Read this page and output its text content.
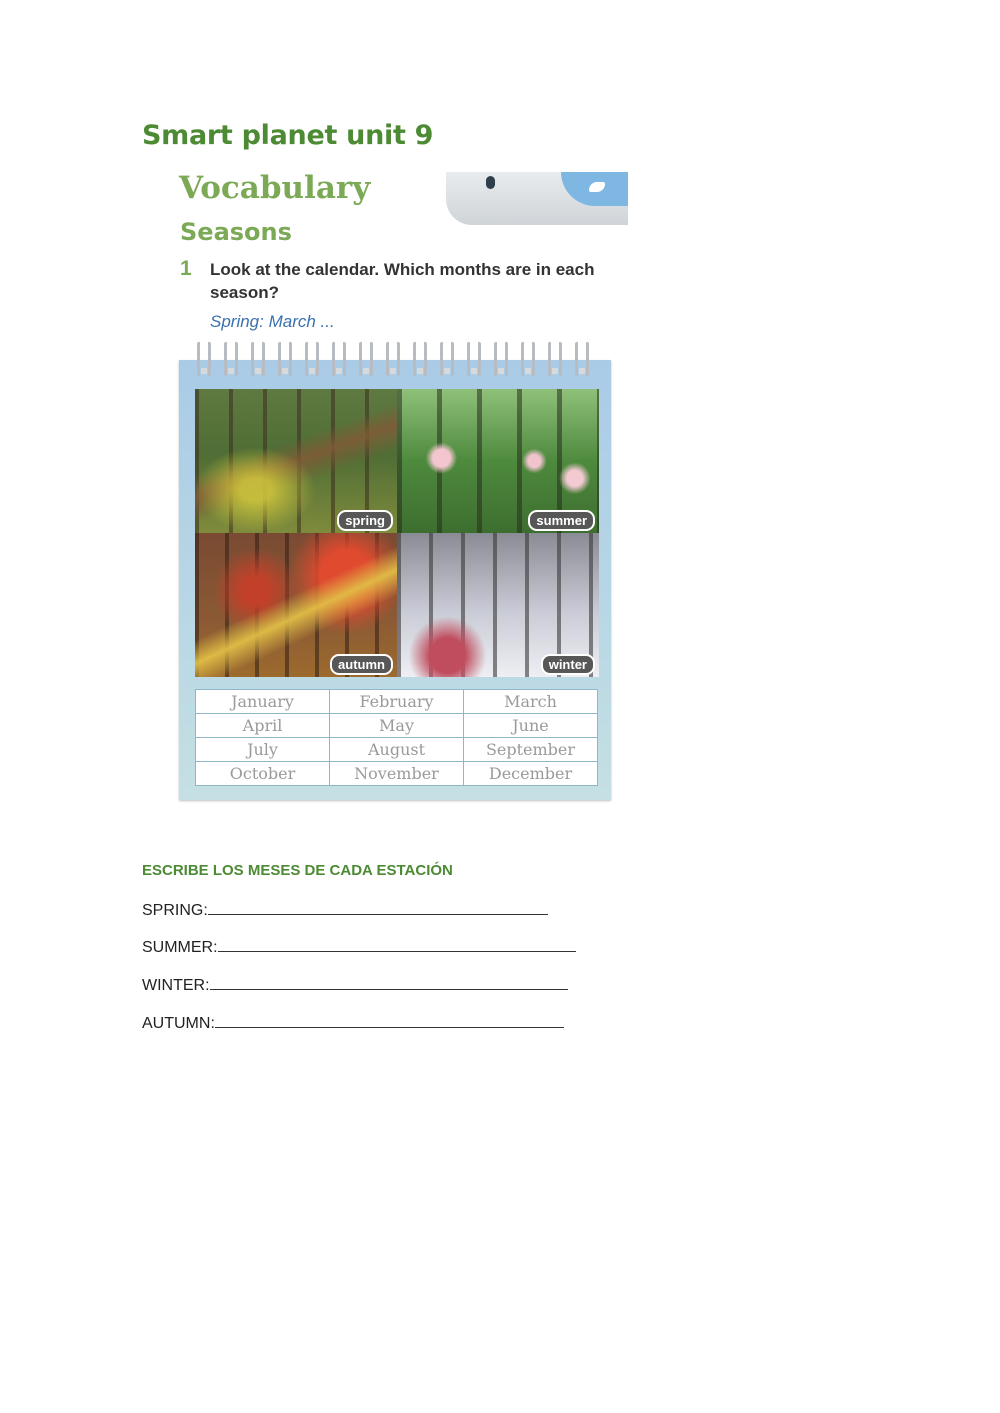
Smart planet unit 9
Vocabulary
Seasons
1 Look at the calendar. Which months are in each season?
Spring: March ...
spring	summer
autumn	winter
January	February	March
April	May	June
July	August	September
October	November	December
ESCRIBE LOS MESES DE CADA ESTACIÓN
SPRING:
SUMMER:
WINTER:
AUTUMN:
